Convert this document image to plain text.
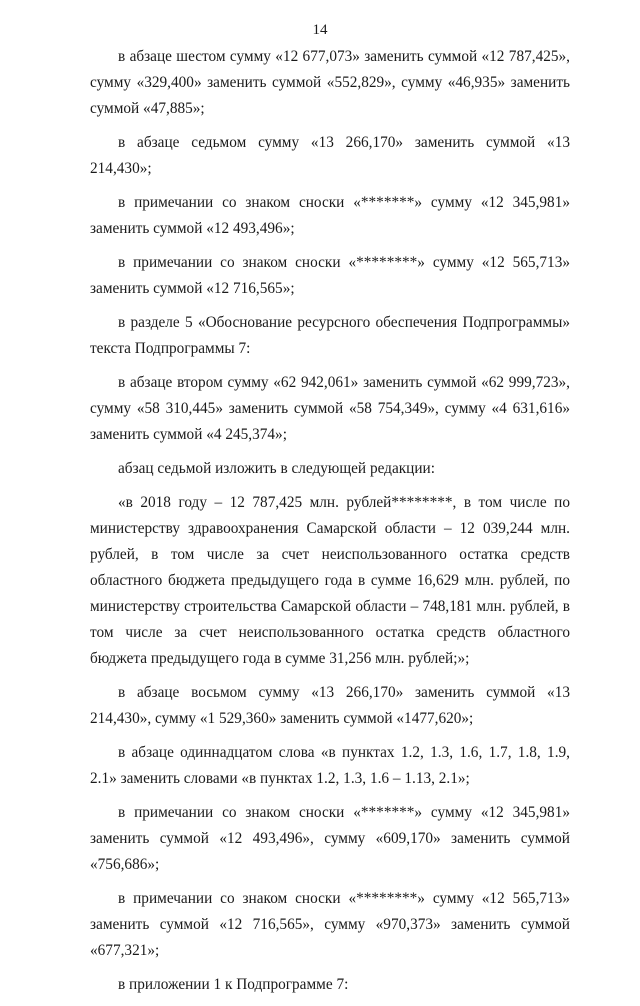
14

в абзаце шестом сумму «12 677,073» заменить суммой «12 787,425», сумму «329,400» заменить суммой «552,829», сумму «46,935» заменить суммой «47,885»;

в абзаце седьмом сумму «13 266,170» заменить суммой «13 214,430»;

в примечании со знаком сноски «*******» сумму «12 345,981» заменить суммой «12 493,496»;

в примечании со знаком сноски «********» сумму «12 565,713» заменить суммой «12 716,565»;

в разделе 5 «Обоснование ресурсного обеспечения Подпрограммы» текста Подпрограммы 7:

в абзаце втором сумму «62 942,061» заменить суммой «62 999,723», сумму «58 310,445» заменить суммой «58 754,349», сумму «4 631,616» заменить суммой «4 245,374»;

абзац седьмой изложить в следующей редакции:

«в 2018 году – 12 787,425 млн. рублей********, в том числе по министерству здравоохранения Самарской области – 12 039,244 млн. рублей, в том числе за счет неиспользованного остатка средств областного бюджета предыдущего года в сумме 16,629 млн. рублей, по министерству строительства Самарской области – 748,181 млн. рублей, в том числе за счет неиспользованного остатка средств областного бюджета предыдущего года в сумме 31,256 млн. рублей;»;

в абзаце восьмом сумму «13 266,170» заменить суммой «13 214,430», сумму «1 529,360» заменить суммой «1477,620»;

в абзаце одиннадцатом слова «в пунктах 1.2, 1.3, 1.6, 1.7, 1.8, 1.9, 2.1» заменить словами «в пунктах 1.2, 1.3, 1.6 – 1.13, 2.1»;

в примечании со знаком сноски «*******» сумму «12 345,981» заменить суммой «12 493,496», сумму «609,170» заменить суммой «756,686»;

в примечании со знаком сноски «********» сумму «12 565,713» заменить суммой «12 716,565», сумму «970,373» заменить суммой «677,321»;

в приложении 1 к Подпрограмме 7:
